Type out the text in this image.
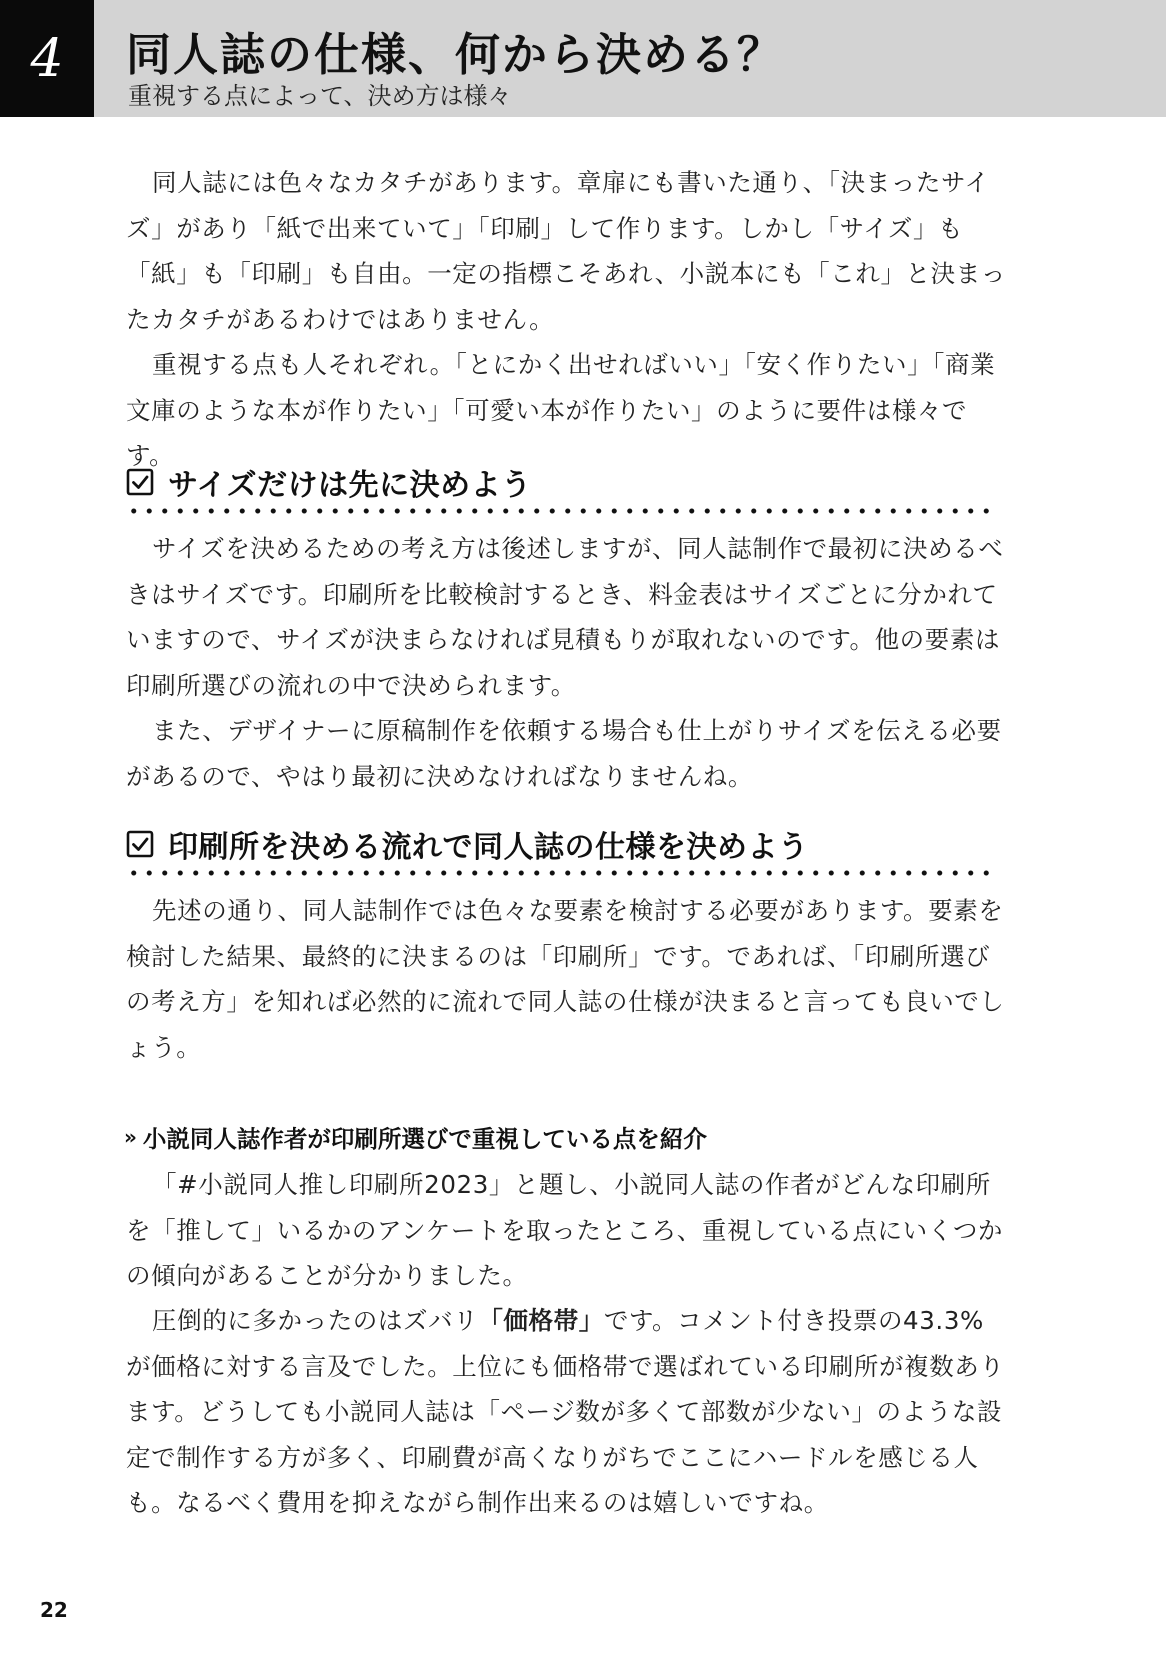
4 同人誌の仕様、何から決める？
重視する点によって、決め方は様々

同人誌には色々なカタチがあります。章扉にも書いた通り、「決まったサイズ」があり「紙で出来ていて」「印刷」して作ります。しかし「サイズ」も「紙」も「印刷」も自由。一定の指標こそあれ、小説本にも「これ」と決まったカタチがあるわけではありません。

重視する点も人それぞれ。「とにかく出せればいい」「安く作りたい」「商業文庫のような本が作りたい」「可愛い本が作りたい」のように要件は様々です。

サイズだけは先に決めよう

サイズを決めるための考え方は後述しますが、同人誌制作で最初に決めるべきはサイズです。印刷所を比較検討するとき、料金表はサイズごとに分かれていますので、サイズが決まらなければ見積もりが取れないのです。他の要素は印刷所選びの流れの中で決められます。

また、デザイナーに原稿制作を依頼する場合も仕上がりサイズを伝える必要があるので、やはり最初に決めなければなりませんね。

印刷所を決める流れで同人誌の仕様を決めよう

先述の通り、同人誌制作では色々な要素を検討する必要があります。要素を検討した結果、最終的に決まるのは「印刷所」です。であれば、「印刷所選びの考え方」を知れば必然的に流れで同人誌の仕様が決まると言っても良いでしょう。

» 小説同人誌作者が印刷所選びで重視している点を紹介

「#小説同人推し印刷所2023」と題し、小説同人誌の作者がどんな印刷所を「推して」いるかのアンケートを取ったところ、重視している点にいくつかの傾向があることが分かりました。

圧倒的に多かったのはズバリ「価格帯」です。コメント付き投票の43.3%が価格に対する言及でした。上位にも価格帯で選ばれている印刷所が複数あります。どうしても小説同人誌は「ページ数が多くて部数が少ない」のような設定で制作する方が多く、印刷費が高くなりがちでここにハードルを感じる人も。なるべく費用を抑えながら制作出来るのは嬉しいですね。

22
